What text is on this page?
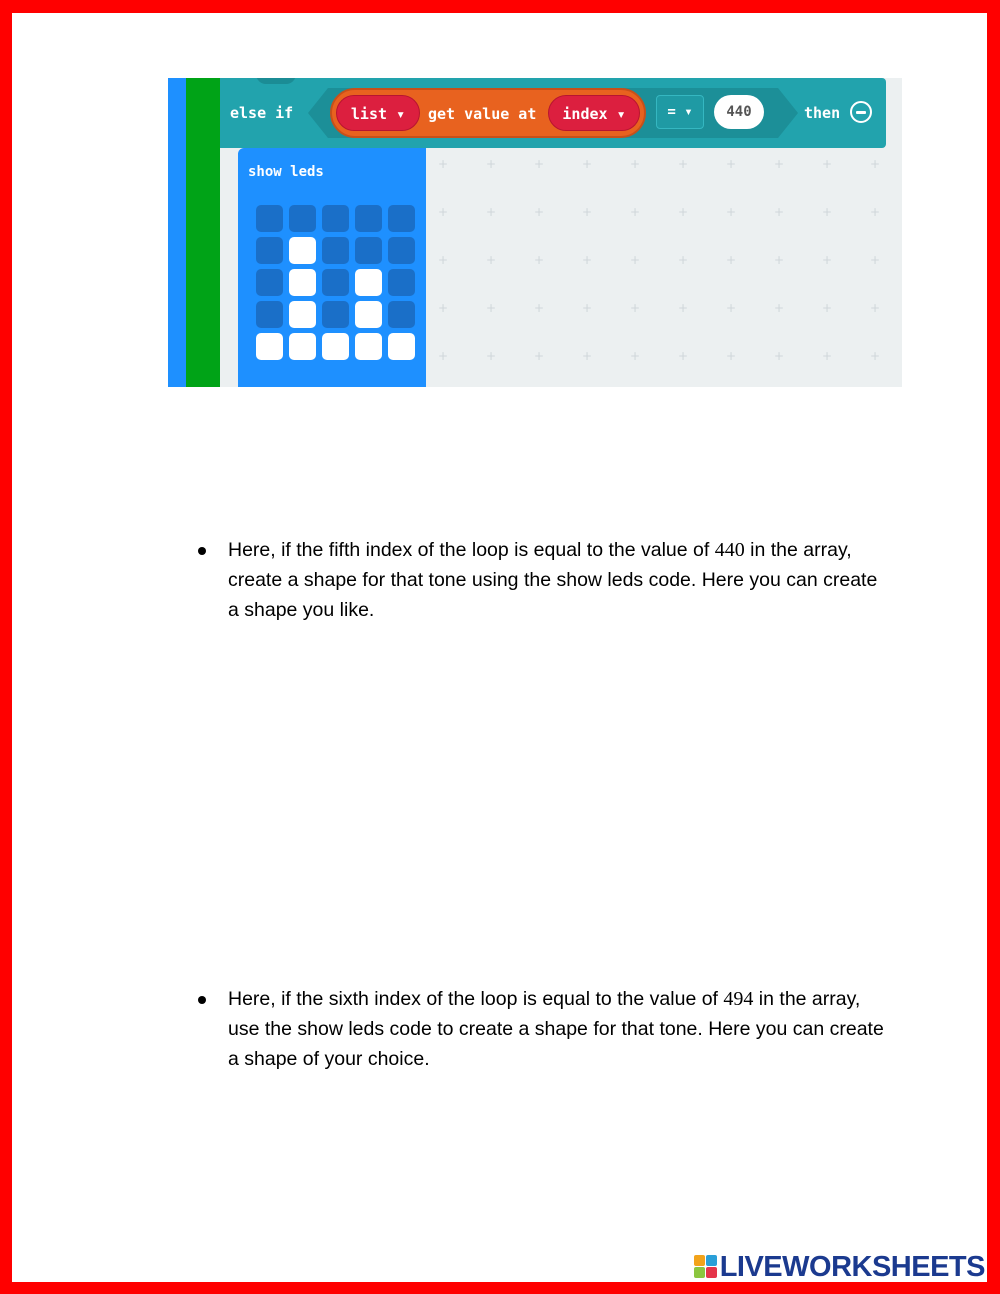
+
+
+
+
+
+
+
+
+
+
+
+
+
+
+
+
+
+
+
+
+
+
+
+
+
+
+
+
+
+
+
+
+
+
+
+
+
+
+
+
+
+
+
+
+
+
+
+
+
+
else if	list ▾	get value at	index ▾	= ▾	440	then
show leds
Here, if the fifth index of the loop is equal to the value of 440 in the array, create a shape for that tone using the show leds code. Here you can create a shape you like.
Here, if the sixth index of the loop is equal to the value of 494 in the array, use the show leds code to create a shape for that tone. Here you can create a shape of your choice.
LIVEWORKSHEETS
